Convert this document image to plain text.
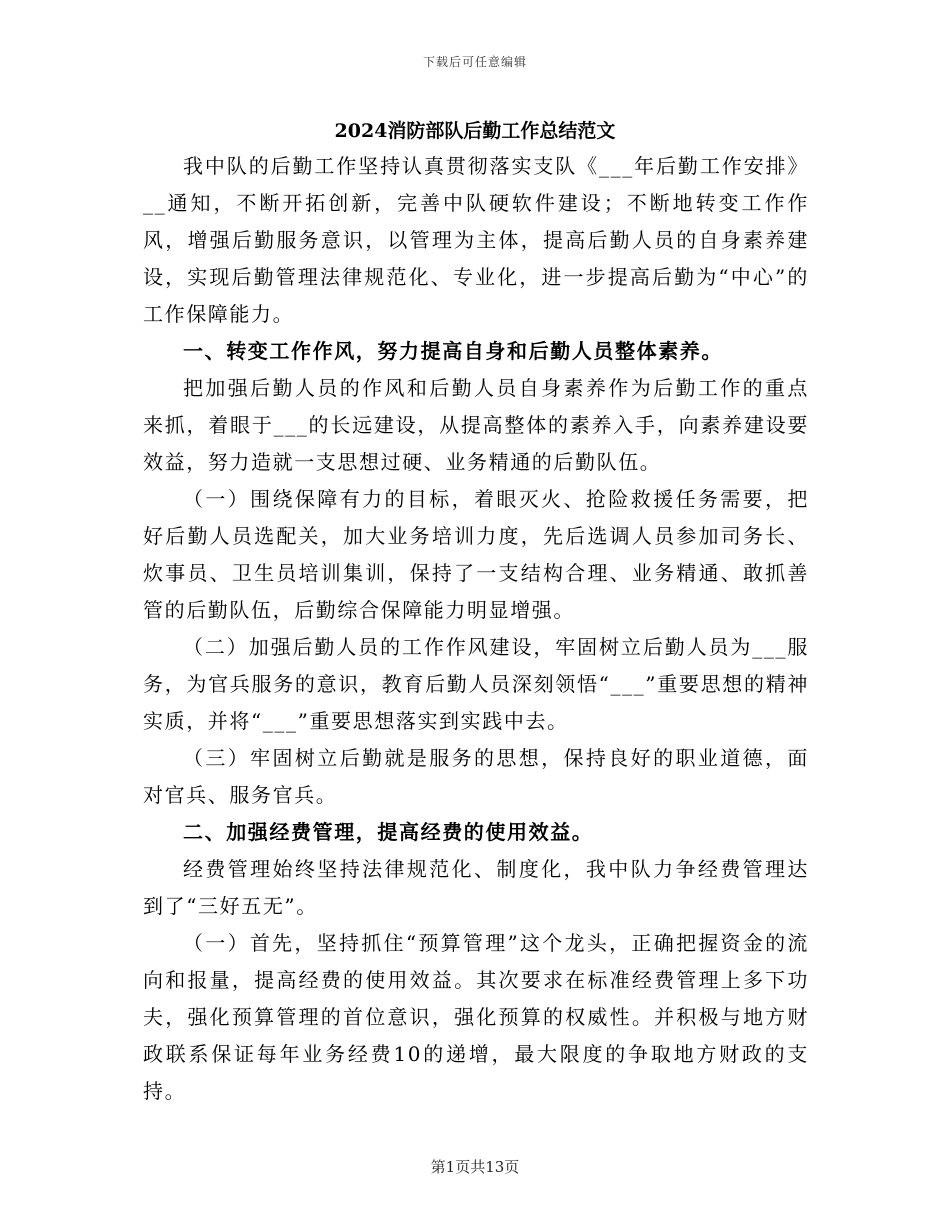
下载后可任意编辑
2024消防部队后勤工作总结范文

我中队的后勤工作坚持认真贯彻落实支队《___年后勤工作安排》__通知，不断开拓创新，完善中队硬软件建设；不断地转变工作作风，增强后勤服务意识，以管理为主体，提高后勤人员的自身素养建设，实现后勤管理法律规范化、专业化，进一步提高后勤为“中心”的工作保障能力。

一、转变工作作风，努力提高自身和后勤人员整体素养。

把加强后勤人员的作风和后勤人员自身素养作为后勤工作的重点来抓，着眼于___的长远建设，从提高整体的素养入手，向素养建设要效益，努力造就一支思想过硬、业务精通的后勤队伍。

（一）围绕保障有力的目标，着眼灭火、抢险救援任务需要，把好后勤人员选配关，加大业务培训力度，先后选调人员参加司务长、炊事员、卫生员培训集训，保持了一支结构合理、业务精通、敢抓善管的后勤队伍，后勤综合保障能力明显增强。

（二）加强后勤人员的工作作风建设，牢固树立后勤人员为___服务，为官兵服务的意识，教育后勤人员深刻领悟“___”重要思想的精神实质，并将“___”重要思想落实到实践中去。

（三）牢固树立后勤就是服务的思想，保持良好的职业道德，面对官兵、服务官兵。

二、加强经费管理，提高经费的使用效益。

经费管理始终坚持法律规范化、制度化，我中队力争经费管理达到了“三好五无”。

（一）首先，坚持抓住“预算管理”这个龙头，正确把握资金的流向和报量，提高经费的使用效益。其次要求在标准经费管理上多下功夫，强化预算管理的首位意识，强化预算的权威性。并积极与地方财政联系保证每年业务经费10的递增，最大限度的争取地方财政的支持。

第1页共13页
